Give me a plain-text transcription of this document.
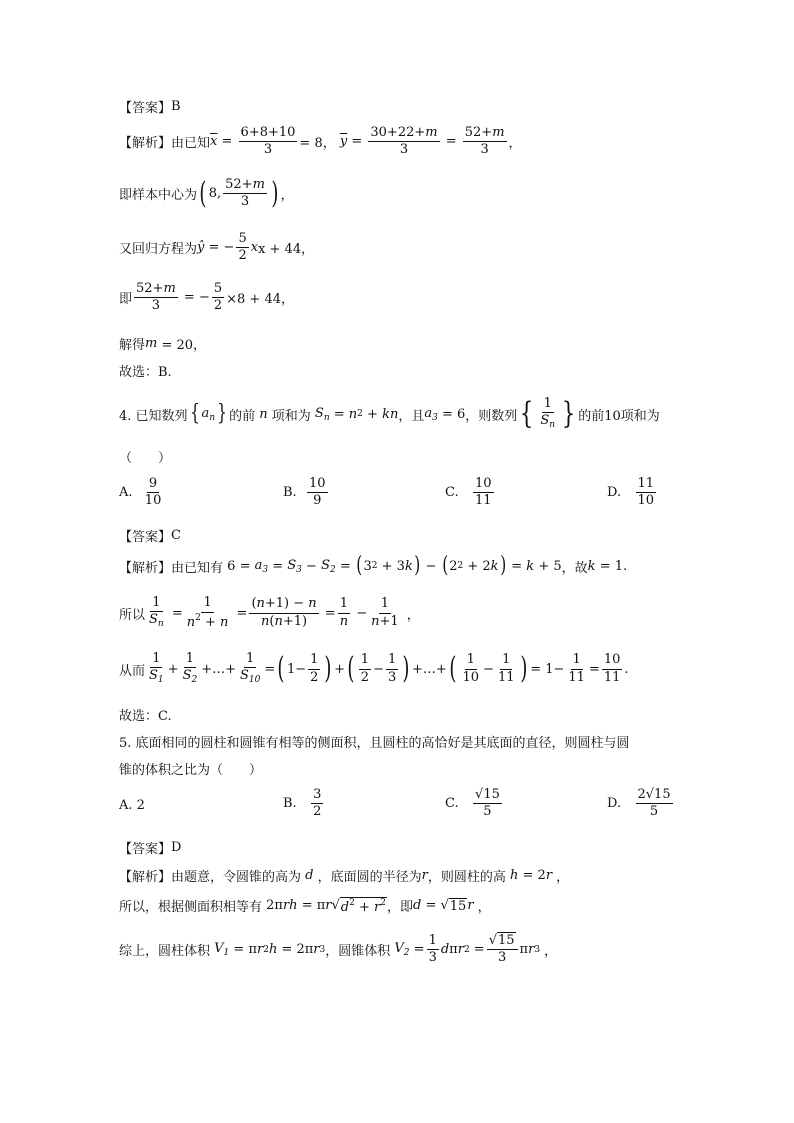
【答案】 B
【解析】 由已知 $\overline{x} = \frac{6+8+10}{3} = 8$，
$\overline{y} = \frac{30+22+m}{3} = \frac{52+m}{3}$ ，
即样本中心为 ( 8, $\frac{52+m}{3}$ ) ，
又回归方程为 ŷ = − $\frac{5}{2}$ x x + 44，
即 $\frac{52+m}{3}$ = − $\frac{5}{2} \times 8 + 44$，
解得 m
= 20，
故选：B.
4. 已知数列 { $a_n$ } 的前 n 项和为 $S_n = n$ 2 + kn ，且 $a_3 = 6$ ，则数列 { $\frac{1}{S_n}$ } 的前10项和为
（　　）
A.
$\frac{9}{10}$	B.
$\frac{10}{9}$	C.
$\frac{10}{11}$	D.
$\frac{11}{10}$
【答案】 C
【解析】 由已知有 $6 = a_3 = S_3 - S_2$ = ( 3 2 + 3 k ) − ( 2 2 + 2 k ) = k + 5 ，故 k = 1.
所以 $\frac{1}{S_n} = \frac{1}{n^2 + n} = \frac{(n+1) - n}{n(n+1)} = \frac{1}{n} - \frac{1}{n+1}$ ，
从而 $\frac{1}{S_1} + \frac{1}{S_2}$ +…+ $\frac{1}{S_{10}}$ = ( $1- \frac{1}{2}$ ) + ( $\frac{1}{2} - \frac{1}{3}$ ) +…+ ( $\frac{1}{10} - \frac{1}{11}$ ) = $1- \frac{1}{11} = \frac{10}{11}$ .
故选：C.
5. 底面相同的圆柱和圆锥有相等的侧面积，且圆柱的高恰好是其底面的直径，则圆柱与圆
锥的体积之比为（　　）
A.
2	B.
$\frac{3}{2}$	C.
$\frac{√15}{5}$	D.
$\frac{2√15}{5}$
【答案】 D
【解析】 由题意，令圆锥的高为 d ，底面圆的半径为 r ，则圆柱的高 h = 2 r ，
所以，根据侧面积相等有 2π rh = π r √ $d^2 + r^2$ ，即 d = √ 15 r ，
综上，圆柱体积
$V_1 = \pi$ r 2 h = 2π r 3 ，圆锥体积
$V_2 = \frac{1}{3}$ d π r $2 = \frac{√15}{3}$ π r 3 ，
